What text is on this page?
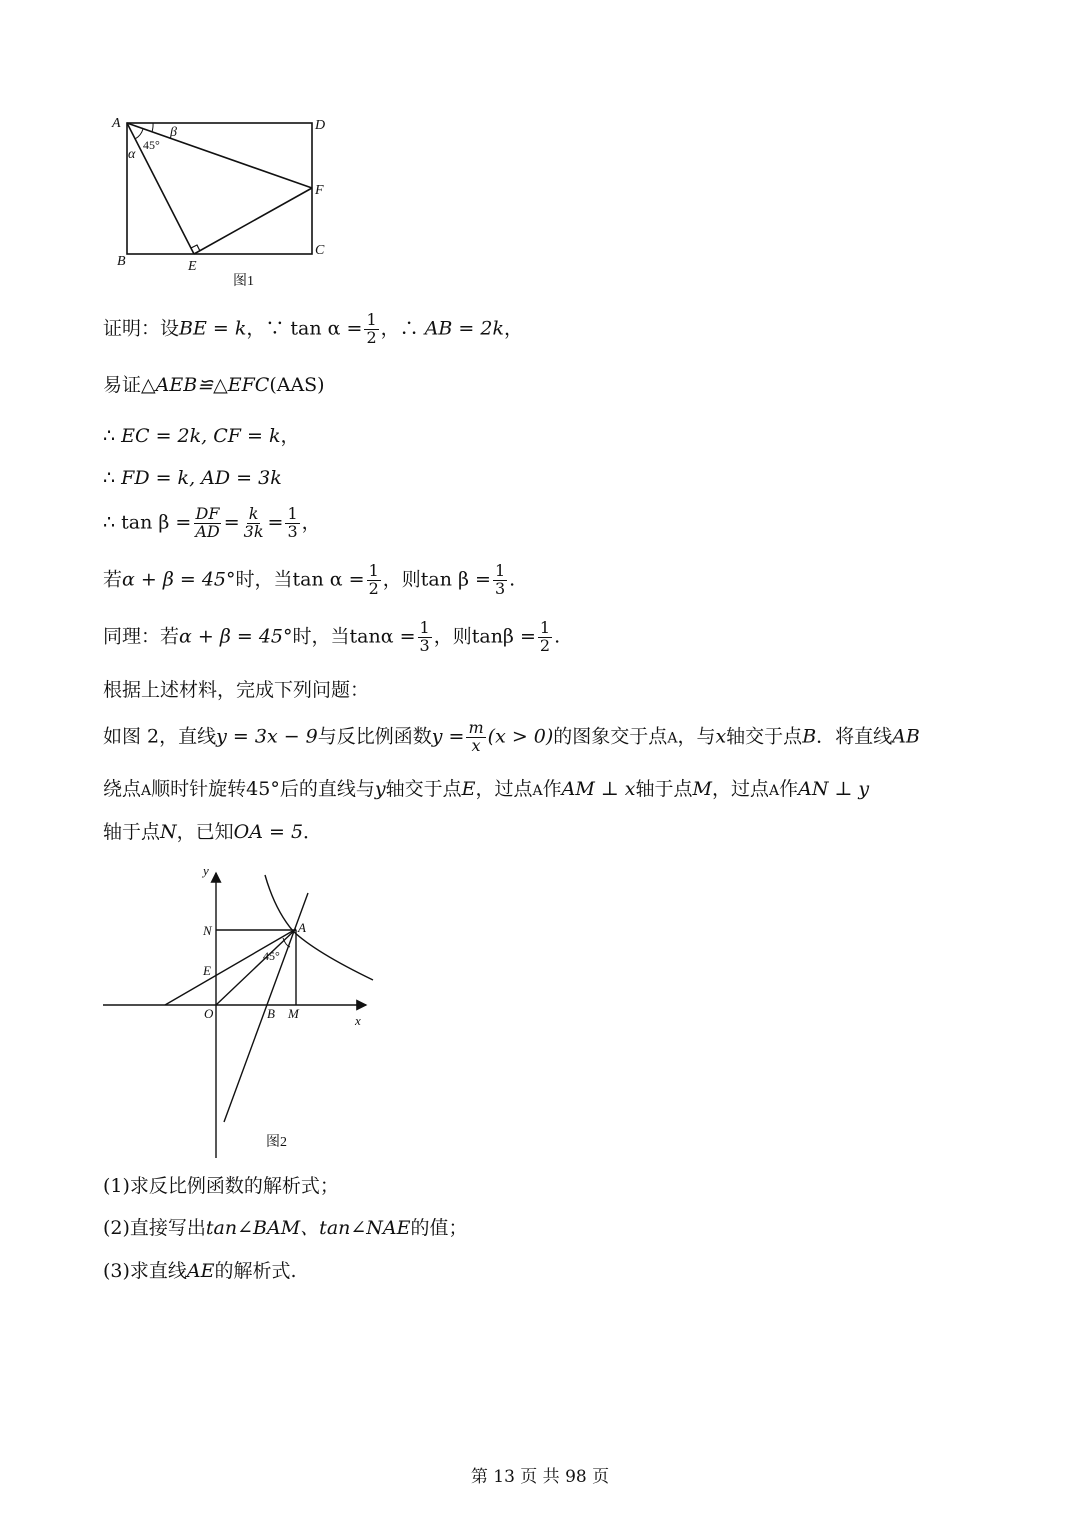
A	D
F
C
B	E
α
β
45°
图1
证明：设BE = k，∵ $\tan \alpha = \frac{1}{2}$ ，∴ AB = 2k，
易证△AEB≌△EFC(AAS)
∴ EC = 2k, CF = k，
∴ FD = k, AD = 3k
∴ $\tan \beta = \frac{DF}{AD} = \frac{k}{3k} = \frac{1}{3}$ ，
若α + β = 45°时，当$\tan \alpha = \frac{1}{2}$ ，则$\tan \beta = \frac{1}{3}$ .
同理：若α + β = 45°时，当$\tan\alpha = \frac{1}{3}$ ，则$\tan\beta = \frac{1}{2}$ .
根据上述材料，完成下列问题：
如图 2，直线y = 3x − 9与反比例函数$y = \frac{m}{x} (x > 0)$的图象交于点A，与x轴交于点B．将直线AB
绕点A顺时针旋转45°后的直线与y轴交于点E，过点A作AM ⊥ x轴于点M，过点A作AN ⊥ y
轴于点N，已知OA = 5．
y
x
N	A
E
O	B M
45°
图2
(1)求反比例函数的解析式；
(2)直接写出tan∠BAM、tan∠NAE的值；
(3)求直线AE的解析式.
第 13 页 共 98 页
